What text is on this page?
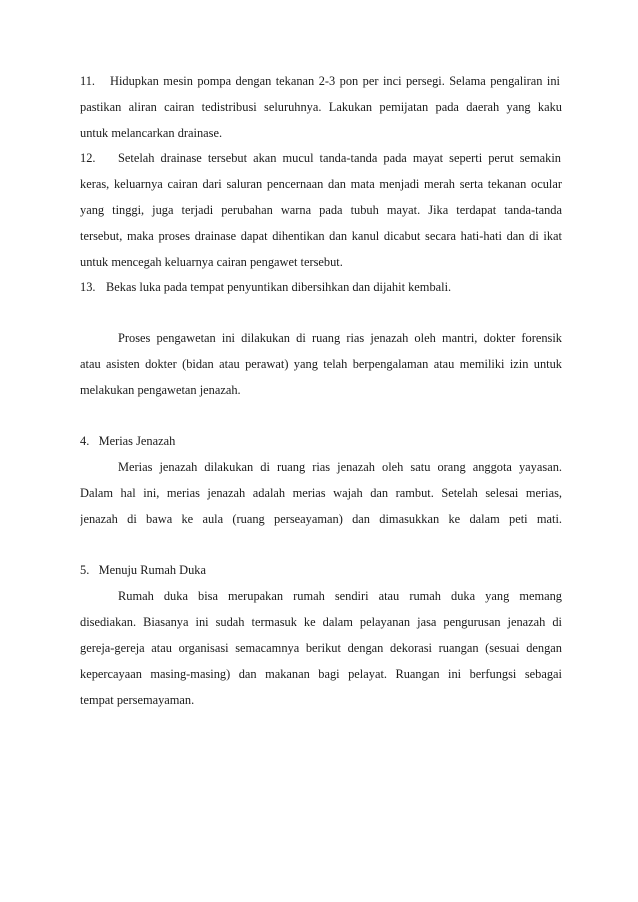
11. Hidupkan mesin pompa dengan tekanan 2-3 pon per inci persegi. Selama pengaliran ini
pastikan aliran cairan tedistribusi seluruhnya. Lakukan pemijatan pada daerah yang kaku
untuk melancarkan drainase.
12. Setelah drainase tersebut akan mucul tanda-tanda pada mayat seperti perut semakin
keras, keluarnya cairan dari saluran pencernaan dan mata menjadi merah serta tekanan ocular
yang tinggi, juga terjadi perubahan warna pada tubuh mayat. Jika terdapat tanda-tanda
tersebut, maka proses drainase dapat dihentikan dan kanul dicabut secara hati-hati dan di ikat
untuk mencegah keluarnya cairan pengawet tersebut.
13. Bekas luka pada tempat penyuntikan dibersihkan dan dijahit kembali.
Proses pengawetan ini dilakukan di ruang rias jenazah oleh mantri, dokter forensik
atau asisten dokter (bidan atau perawat) yang telah berpengalaman atau memiliki izin untuk
melakukan pengawetan jenazah.
4.   Merias Jenazah
Merias jenazah dilakukan di ruang rias jenazah oleh satu orang anggota yayasan.
Dalam hal ini, merias jenazah adalah merias wajah dan rambut. Setelah selesai merias,
jenazah di bawa ke aula (ruang perseayaman) dan dimasukkan ke dalam peti mati.
5.   Menuju Rumah Duka
Rumah duka bisa merupakan rumah sendiri atau rumah duka yang memang
disediakan. Biasanya ini sudah termasuk ke dalam pelayanan jasa pengurusan jenazah di
gereja-gereja atau organisasi semacamnya berikut dengan dekorasi ruangan (sesuai dengan
kepercayaan masing-masing) dan makanan bagi pelayat. Ruangan ini berfungsi sebagai
tempat persemayaman.
